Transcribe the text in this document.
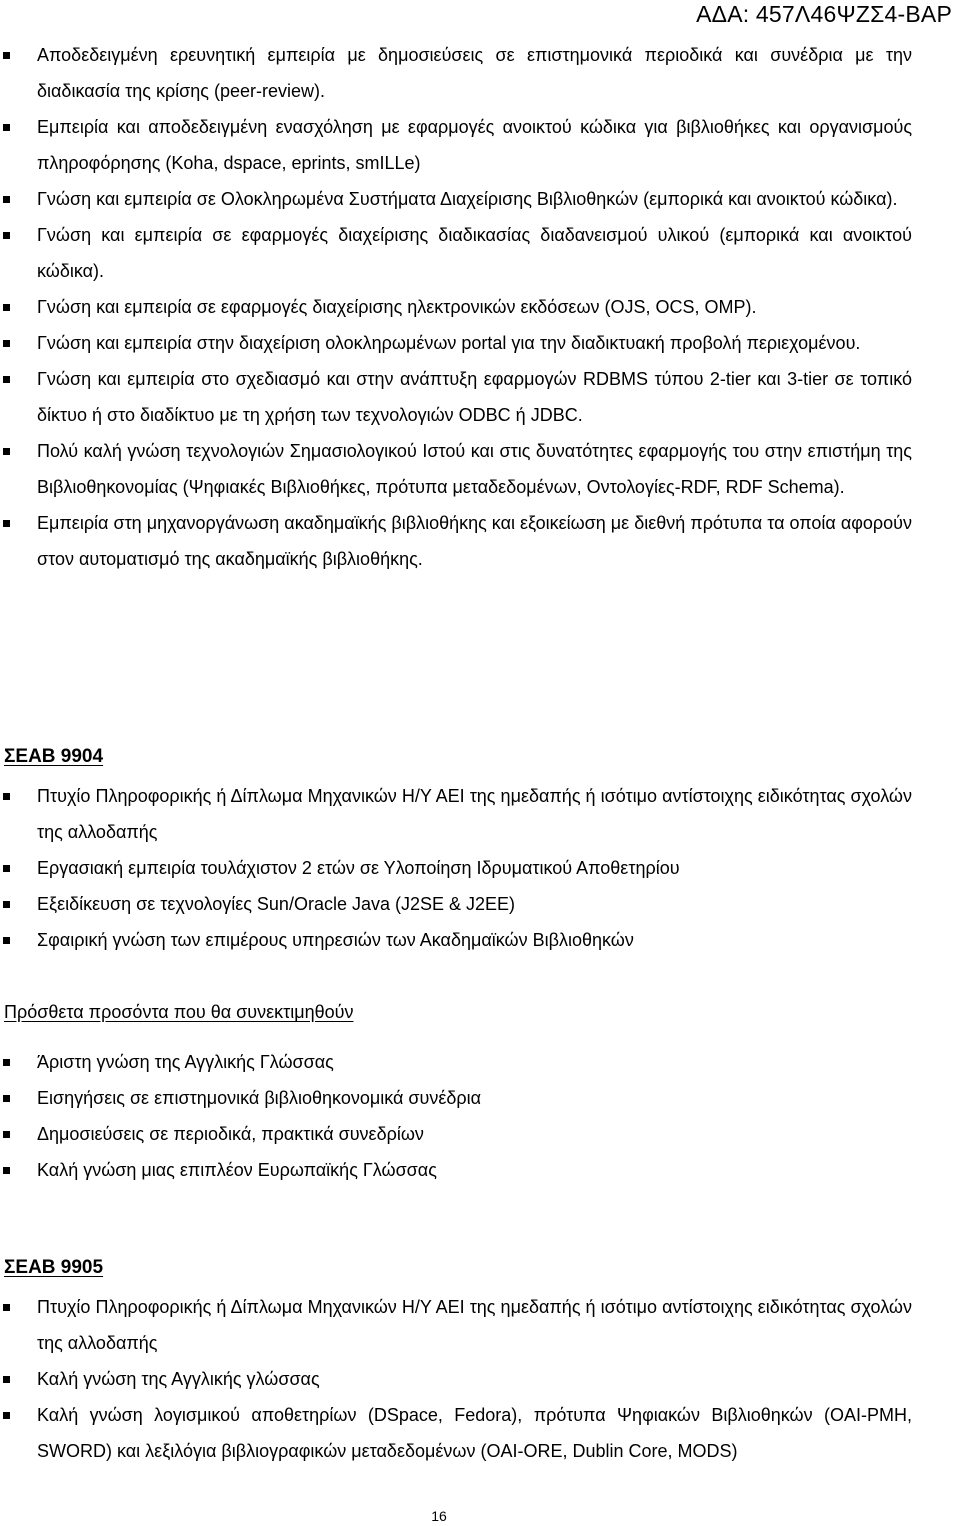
ΑΔΑ: 457Λ46ΨΖΣ4-ΒΑΡ
Αποδεδειγμένη ερευνητική εμπειρία με δημοσιεύσεις σε επιστημονικά περιοδικά και συνέδρια με την διαδικασία της κρίσης (peer-review).
Εμπειρία και αποδεδειγμένη ενασχόληση με εφαρμογές ανοικτού κώδικα για βιβλιοθήκες και οργανισμούς πληροφόρησης (Koha, dspace, eprints, smILLe)
Γνώση και εμπειρία σε Ολοκληρωμένα Συστήματα Διαχείρισης Βιβλιοθηκών (εμπορικά και ανοικτού κώδικα).
Γνώση και εμπειρία σε εφαρμογές διαχείρισης διαδικασίας διαδανεισμού υλικού (εμπορικά και ανοικτού κώδικα).
Γνώση και εμπειρία σε εφαρμογές διαχείρισης ηλεκτρονικών εκδόσεων (OJS, OCS, OMP).
Γνώση και εμπειρία στην διαχείριση ολοκληρωμένων portal για την διαδικτυακή προβολή περιεχομένου.
Γνώση και εμπειρία στο σχεδιασμό και στην ανάπτυξη εφαρμογών RDBMS τύπου 2-tier και 3-tier σε τοπικό δίκτυο ή στο διαδίκτυο με τη χρήση των τεχνολογιών ODBC ή JDBC.
Πολύ καλή γνώση τεχνολογιών Σημασιολογικού Ιστού και στις δυνατότητες εφαρμογής του στην επιστήμη της Βιβλιοθηκονομίας (Ψηφιακές Βιβλιοθήκες, πρότυπα μεταδεδομένων, Οντολογίες-RDF, RDF Schema).
Εμπειρία στη μηχανοργάνωση ακαδημαϊκής βιβλιοθήκης και εξοικείωση με διεθνή πρότυπα τα οποία αφορούν στον αυτοματισμό της ακαδημαϊκής βιβλιοθήκης.
ΣΕΑΒ 9904
Πτυχίο Πληροφορικής ή Δίπλωμα Μηχανικών Η/Υ ΑΕΙ της ημεδαπής ή ισότιμο αντίστοιχης ειδικότητας σχολών της αλλοδαπής
Εργασιακή εμπειρία τουλάχιστον 2 ετών σε Υλοποίηση Ιδρυματικού Αποθετηρίου
Εξειδίκευση σε τεχνολογίες Sun/Oracle Java (J2SE & J2EE)
Σφαιρική γνώση των επιμέρους υπηρεσιών των Ακαδημαϊκών Βιβλιοθηκών
Πρόσθετα προσόντα που θα συνεκτιμηθούν
Άριστη γνώση της Αγγλικής Γλώσσας
Εισηγήσεις σε επιστημονικά βιβλιοθηκονομικά συνέδρια
Δημοσιεύσεις σε περιοδικά, πρακτικά συνεδρίων
Καλή γνώση μιας επιπλέον Ευρωπαϊκής Γλώσσας
ΣΕΑΒ 9905
Πτυχίο Πληροφορικής ή Δίπλωμα Μηχανικών Η/Υ ΑΕΙ της ημεδαπής ή ισότιμο αντίστοιχης ειδικότητας σχολών της αλλοδαπής
Καλή γνώση της Αγγλικής γλώσσας
Καλή γνώση λογισμικού αποθετηρίων (DSpace, Fedora), πρότυπα Ψηφιακών Βιβλιοθηκών (OAI-PMH, SWORD) και λεξιλόγια βιβλιογραφικών μεταδεδομένων (OAI-ORE, Dublin Core, MODS)
16
